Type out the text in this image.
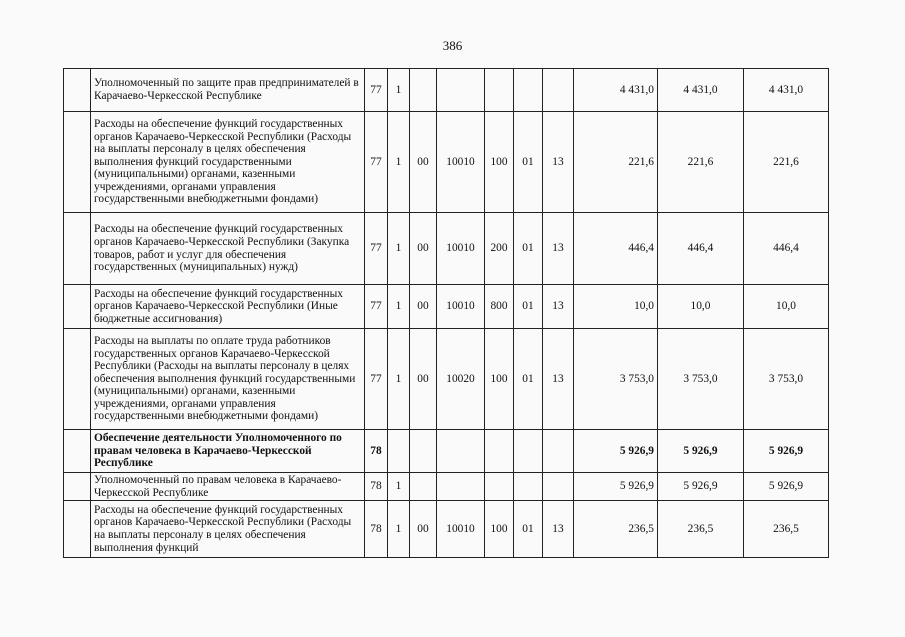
386
	Уполномоченный по защите прав предпринимателей в Карачаево-Черкесской Республике	77	1						4 431,0	4 431,0	4 431,0
	Расходы на обеспечение функций государственных органов Карачаево-Черкесской Республики (Расходы на выплаты персоналу в целях обеспечения выполнения функций государственными (муниципальными) органами, казенными учреждениями, органами управления государственными внебюджетными фондами)	77	1	00	10010	100	01	13	221,6	221,6	221,6
	Расходы на обеспечение функций государственных органов Карачаево-Черкесской Республики (Закупка товаров, работ и услуг для обеспечения государственных (муниципальных) нужд)	77	1	00	10010	200	01	13	446,4	446,4	446,4
	Расходы на обеспечение функций государственных органов Карачаево-Черкесской Республики (Иные бюджетные ассигнования)	77	1	00	10010	800	01	13	10,0	10,0	10,0
	Расходы на выплаты по оплате труда работников государственных органов Карачаево-Черкесской Республики (Расходы на выплаты персоналу в целях обеспечения выполнения функций государственными (муниципальными) органами, казенными учреждениями, органами управления государственными внебюджетными фондами)	77	1	00	10020	100	01	13	3 753,0	3 753,0	3 753,0
	Обеспечение деятельности Уполномоченного по правам человека в Карачаево-Черкесской Республике	78							5 926,9	5 926,9	5 926,9
	Уполномоченный по правам человека в Карачаево-Черкесской Республике	78	1						5 926,9	5 926,9	5 926,9
	Расходы на обеспечение функций государственных органов Карачаево-Черкесской Республики (Расходы на выплаты персоналу в целях обеспечения выполнения функций	78	1	00	10010	100	01	13	236,5	236,5	236,5
